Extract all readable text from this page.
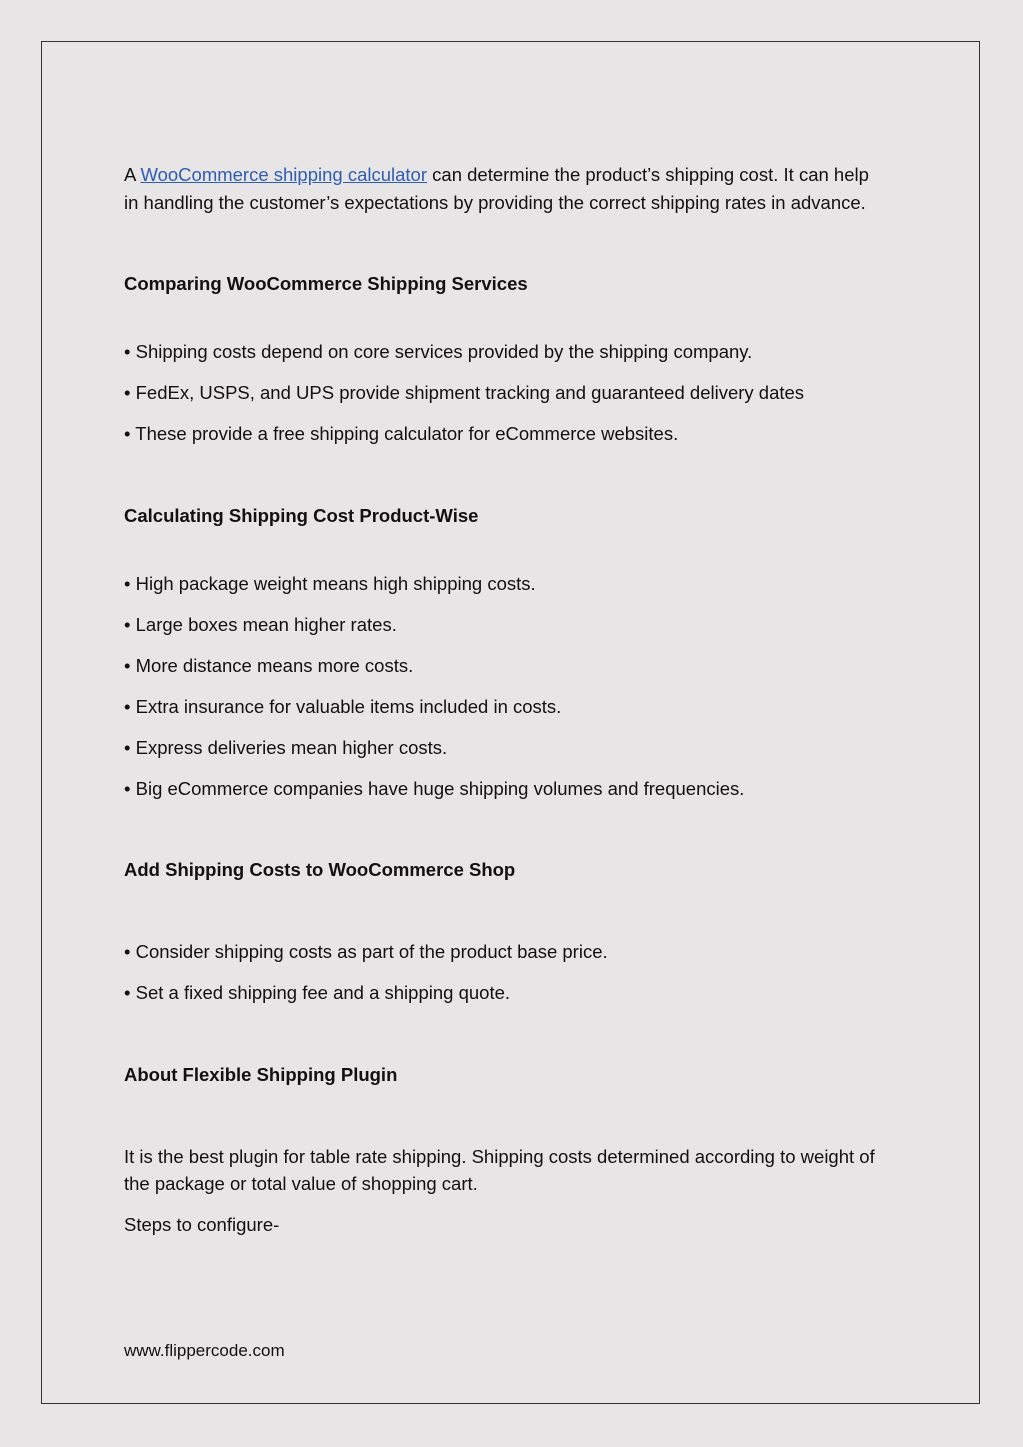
A WooCommerce shipping calculator can determine the product’s shipping cost. It can help

in handling the customer’s expectations by providing the correct shipping rates in advance.

Comparing WooCommerce Shipping Services

• Shipping costs depend on core services provided by the shipping company.

• FedEx, USPS, and UPS provide shipment tracking and guaranteed delivery dates

• These provide a free shipping calculator for eCommerce websites.

Calculating Shipping Cost Product-Wise

• High package weight means high shipping costs.

• Large boxes mean higher rates.

• More distance means more costs.

• Extra insurance for valuable items included in costs.

• Express deliveries mean higher costs.

• Big eCommerce companies have huge shipping volumes and frequencies.

Add Shipping Costs to WooCommerce Shop

• Consider shipping costs as part of the product base price.

• Set a fixed shipping fee and a shipping quote.

About Flexible Shipping Plugin

It is the best plugin for table rate shipping. Shipping costs determined according to weight of

the package or total value of shopping cart.

Steps to configure-

www.flippercode.com
